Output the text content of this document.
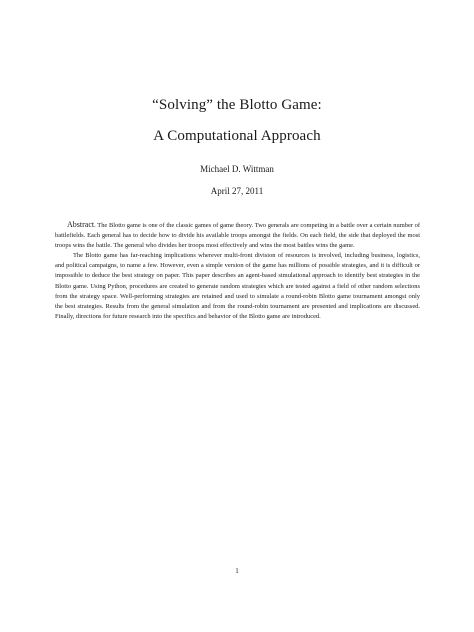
“Solving” the Blotto Game:
A Computational Approach
Michael D. Wittman
April 27, 2011

Abstract. The Blotto game is one of the classic games of game theory. Two generals are competing in a battle over a certain number of battlefields. Each general has to decide how to divide his available troops amongst the fields. On each field, the side that deployed the most troops wins the battle. The general who divides her troops most effectively and wins the most battles wins the game.

The Blotto game has far-reaching implications wherever multi-front division of resources is involved, including business, logistics, and political campaigns, to name a few. However, even a simple version of the game has millions of possible strategies, and it is difficult or impossible to deduce the best strategy on paper. This paper describes an agent-based simulational approach to identify best strategies in the Blotto game. Using Python, procedures are created to generate random strategies which are tested against a field of other random selections from the strategy space. Well-performing strategies are retained and used to simulate a round-robin Blotto game tournament amongst only the best strategies. Results from the general simulation and from the round-robin tournament are presented and implications are discussed. Finally, directions for future research into the specifics and behavior of the Blotto game are introduced.

1
